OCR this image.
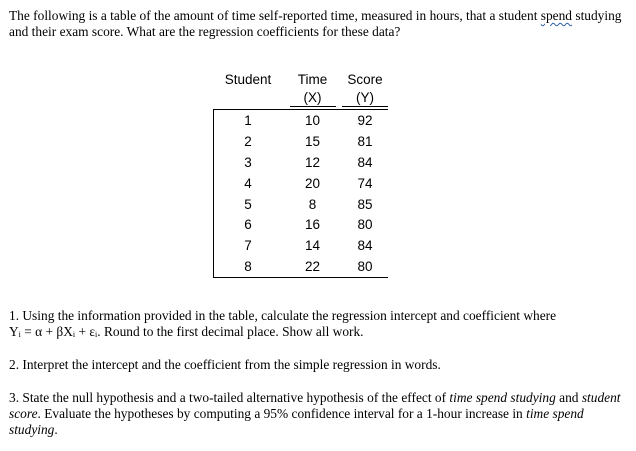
The following is a table of the amount of time self-reported time, measured in hours, that a student spend studying and their exam score. What are the regression coefficients for these data?

Student	Time	Score
(X)	(Y)
1	10	92
2	15	81
3	12	84
4	20	74
5	8	85
6	16	80
7	14	84
8	22	80

1. Using the information provided in the table, calculate the regression intercept and coefficient where
$Y_i = \alpha + \beta X_i + \varepsilon_i$. Round to the first decimal place. Show all work.

2. Interpret the intercept and the coefficient from the simple regression in words.

3. State the null hypothesis and a two-tailed alternative hypothesis of the effect of time spend studying and student score. Evaluate the hypotheses by computing a 95% confidence interval for a 1-hour increase in time spend studying.
